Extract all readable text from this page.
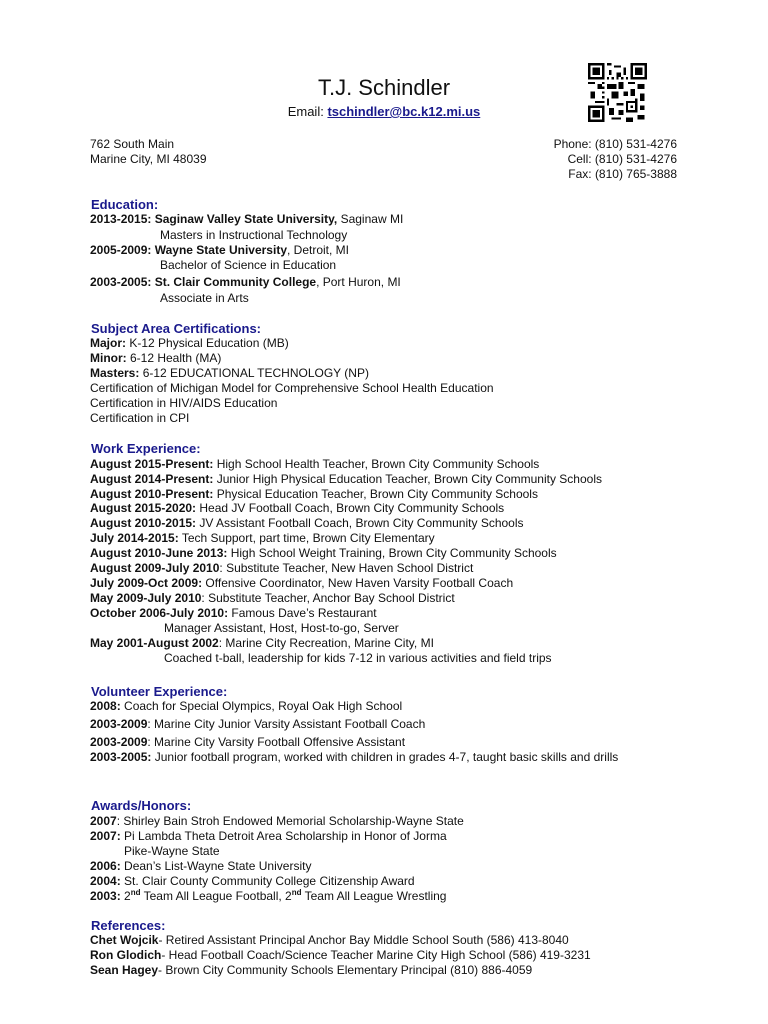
T.J. Schindler
Email: tschindler@bc.k12.mi.us
762 South Main
Marine City, MI 48039
Phone: (810) 531-4276
Cell: (810) 531-4276
Fax: (810) 765-3888
Education:
2013-2015: Saginaw Valley State University, Saginaw MI
Masters in Instructional Technology
2005-2009: Wayne State University, Detroit, MI
Bachelor of Science in Education
2003-2005: St. Clair Community College, Port Huron, MI
Associate in Arts
Subject Area Certifications:
Major: K-12 Physical Education (MB)
Minor: 6-12 Health (MA)
Masters: 6-12 EDUCATIONAL TECHNOLOGY (NP)
Certification of Michigan Model for Comprehensive School Health Education
Certification in HIV/AIDS Education
Certification in CPI
Work Experience:
August 2015-Present: High School Health Teacher, Brown City Community Schools
August 2014-Present: Junior High Physical Education Teacher, Brown City Community Schools
August 2010-Present: Physical Education Teacher, Brown City Community Schools
August 2015-2020: Head JV Football Coach, Brown City Community Schools
August 2010-2015: JV Assistant Football Coach, Brown City Community Schools
July 2014-2015: Tech Support, part time, Brown City Elementary
August 2010-June 2013: High School Weight Training, Brown City Community Schools
August 2009-July 2010: Substitute Teacher, New Haven School District
July 2009-Oct 2009: Offensive Coordinator, New Haven Varsity Football Coach
May 2009-July 2010: Substitute Teacher, Anchor Bay School District
October 2006-July 2010: Famous Dave’s Restaurant
Manager Assistant, Host, Host-to-go, Server
May 2001-August 2002: Marine City Recreation, Marine City, MI
Coached t-ball, leadership for kids 7-12 in various activities and field trips
Volunteer Experience:
2008: Coach for Special Olympics, Royal Oak High School
2003-2009: Marine City Junior Varsity Assistant Football Coach
2003-2009: Marine City Varsity Football Offensive Assistant
2003-2005: Junior football program, worked with children in grades 4-7, taught basic skills and drills
Awards/Honors:
2007: Shirley Bain Stroh Endowed Memorial Scholarship-Wayne State
2007: Pi Lambda Theta Detroit Area Scholarship in Honor of Jorma
Pike-Wayne State
2006: Dean’s List-Wayne State University
2004: St. Clair County Community College Citizenship Award
2003: 2nd Team All League Football, 2nd Team All League Wrestling
References:
Chet Wojcik- Retired Assistant Principal Anchor Bay Middle School South (586) 413-8040
Ron Glodich- Head Football Coach/Science Teacher Marine City High School (586) 419-3231
Sean Hagey- Brown City Community Schools Elementary Principal (810) 886-4059
